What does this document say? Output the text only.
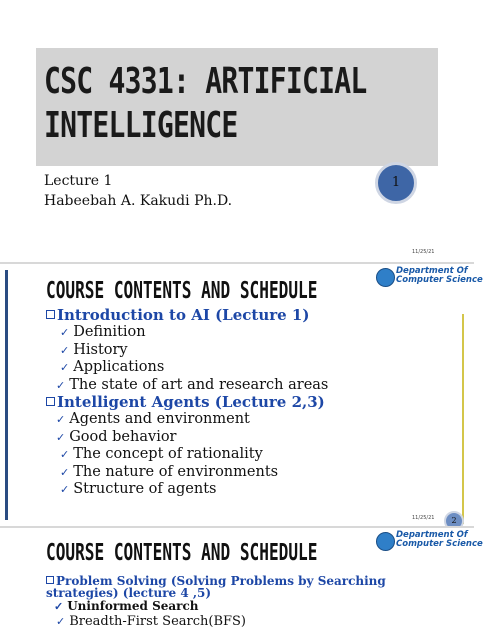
CSC 4331: ARTIFICIAL
INTELLIGENCE
Lecture 1
Habeebah A. Kakudi Ph.D.
1
11/25/21
COURSE CONTENTS AND SCHEDULE
Department Of
Computer Science
Introduction to AI (Lecture 1)
✓ Definition
✓ History
✓ Applications
✓ The state of art and research areas
Intelligent Agents (Lecture 2,3)
✓ Agents and environment
✓ Good behavior
✓ The concept of rationality
✓ The nature of environments
✓ Structure of agents
11/25/21	2
COURSE CONTENTS AND SCHEDULE
Department Of
Computer Science
Problem Solving (Solving Problems by Searching strategies) (lecture 4 ,5)
✓ Uninformed Search
✓ Breadth-First Search(BFS)
